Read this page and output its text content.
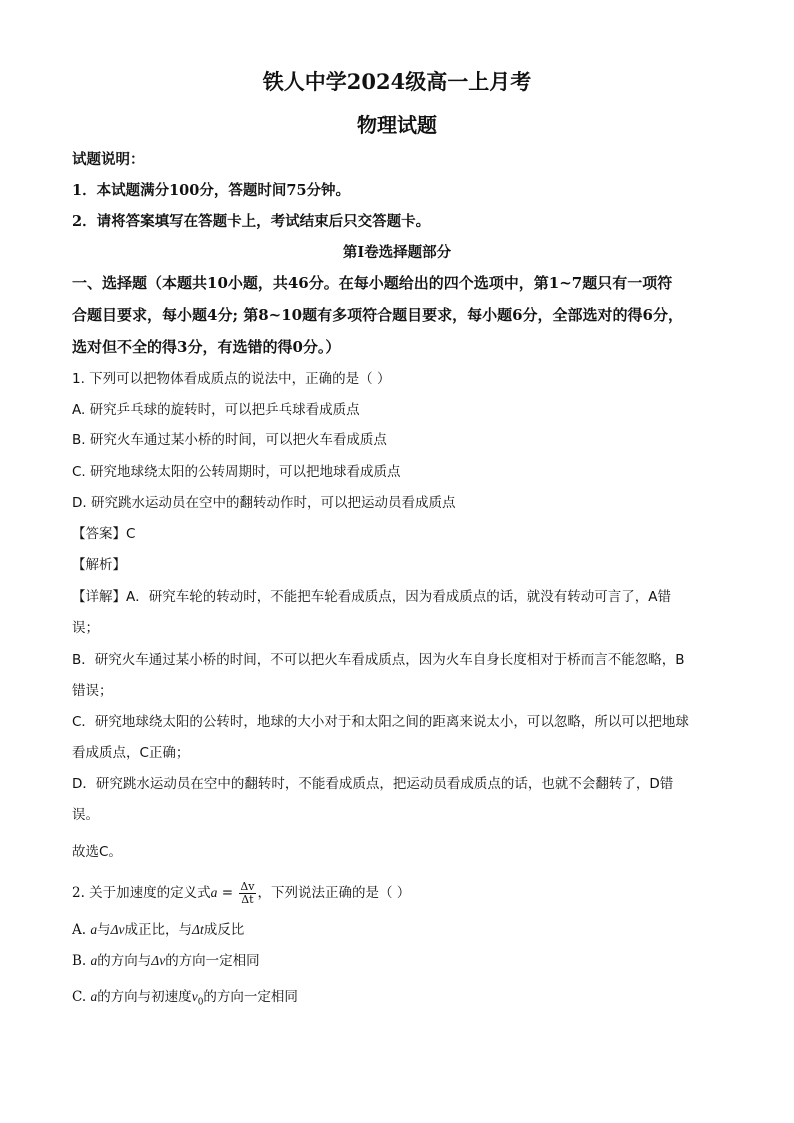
铁人中学2024级高一上月考
物理试题
试题说明：
1．本试题满分100分，答题时间75分钟。
2．请将答案填写在答题卡上，考试结束后只交答题卡。
第I卷选择题部分
一、选择题（本题共10小题，共46分。在每小题给出的四个选项中，第1~7题只有一项符
合题目要求，每小题4分; 第8~10题有多项符合题目要求，每小题6分，全部选对的得6分，
选对但不全的得3分，有选错的得0分。）
1. 下列可以把物体看成质点的说法中，正确的是（ ）
A. 研究乒乓球的旋转时，可以把乒乓球看成质点
B. 研究火车通过某小桥的时间，可以把火车看成质点
C. 研究地球绕太阳的公转周期时，可以把地球看成质点
D. 研究跳水运动员在空中的翻转动作时，可以把运动员看成质点
【答案】C
【解析】
【详解】A．研究车轮的转动时，不能把车轮看成质点，因为看成质点的话，就没有转动可言了，A错
误；
B．研究火车通过某小桥的时间，不可以把火车看成质点，因为火车自身长度相对于桥而言不能忽略，B
错误；
C．研究地球绕太阳的公转时，地球的大小对于和太阳之间的距离来说太小，可以忽略，所以可以把地球
看成质点，C正确；
D．研究跳水运动员在空中的翻转时，不能看成质点，把运动员看成质点的话，也就不会翻转了，D错
误。
故选C。
2. 关于加速度的定义式$a = \frac{\Delta v}{\Delta t}$ ，下列说法正确的是（ ）
A. a与Δv成正比，与Δt成反比
B. a的方向与Δv的方向一定相同
C. a的方向与初速度$v_0$的方向一定相同
